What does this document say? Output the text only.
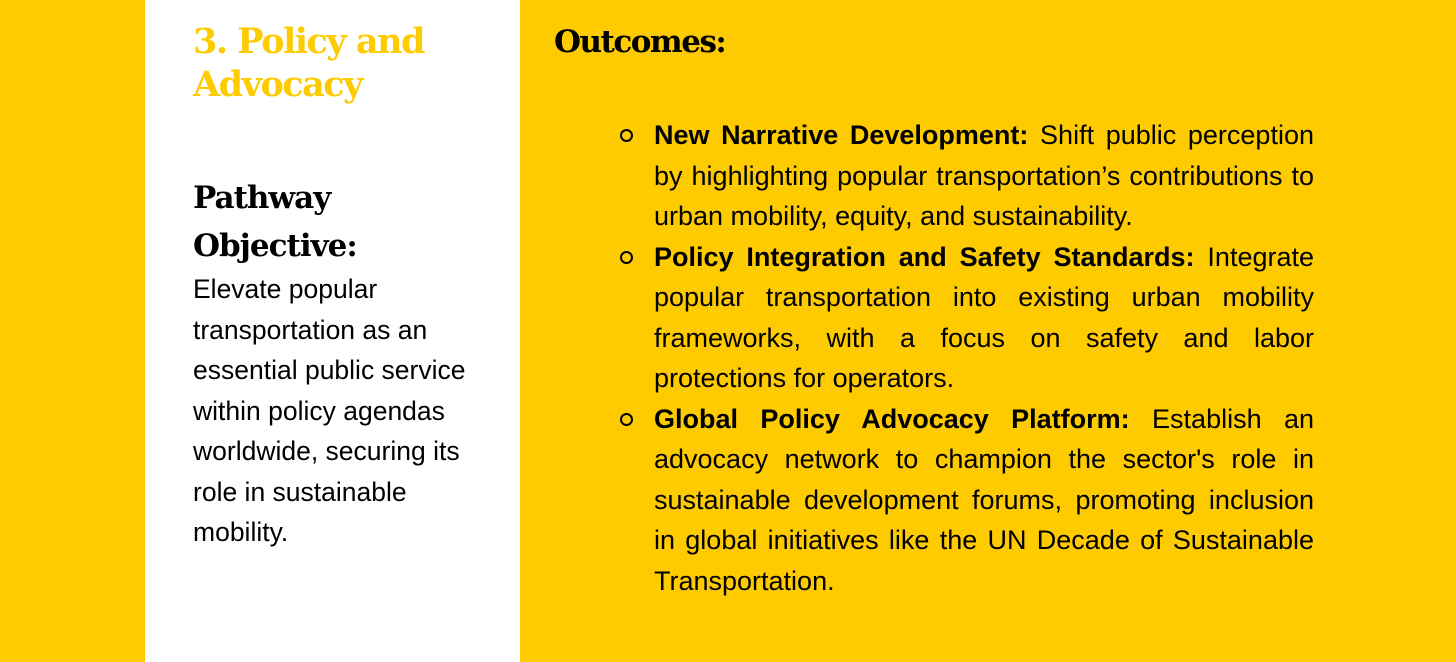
3. Policy and Advocacy
Pathway Objective:

Elevate popular transportation as an essential public service within policy agendas worldwide, securing its role in sustainable mobility.

Outcomes:
New Narrative Development: Shift public perception by highlighting popular transportation’s contributions to urban mobility, equity, and sustainability.
Policy Integration and Safety Standards: Integrate popular transportation into existing urban mobility frameworks, with a focus on safety and labor protections for operators.
Global Policy Advocacy Platform: Establish an advocacy network to champion the sector's role in sustainable development forums, promoting inclusion in global initiatives like the UN Decade of Sustainable Transportation.
